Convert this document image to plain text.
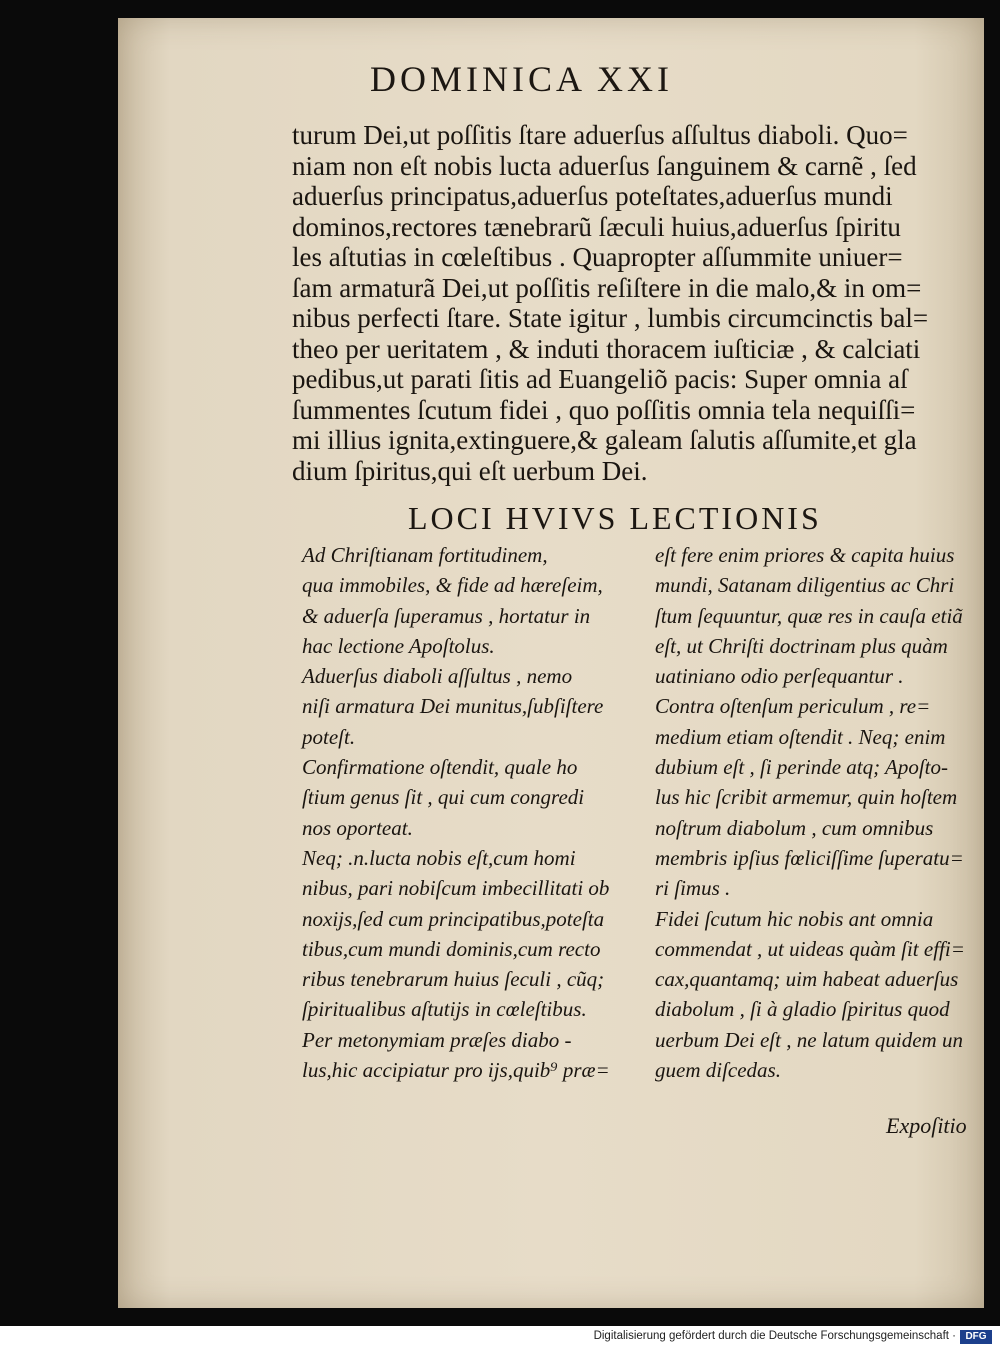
DOMINICA XXI
turum Dei,ut poſſitis ſtare aduerſus aſſultus diaboli. Quo=
niam non eſt nobis lucta aduerſus ſanguinem & carnẽ , ſed
aduerſus principatus,aduerſus poteſtates,aduerſus mundi
dominos,rectores tænebrarũ ſæculi huius,aduerſus ſpiritu
les aſtutias in cœleſtibus . Quapropter aſſummite uniuer=
ſam armaturã Dei,ut poſſitis reſiſtere in die malo,& in om=
nibus perfecti ſtare. State igitur , lumbis circumcinctis bal=
theo per ueritatem , & induti thoracem iuſticiæ , & calciati
pedibus,ut parati ſitis ad Euangeliõ pacis: Super omnia aſ
ſummentes ſcutum fidei , quo poſſitis omnia tela nequiſſi=
mi illius ignita,extinguere,& galeam ſalutis aſſumite,et gla
dium ſpiritus,qui eſt uerbum Dei.
LOCI HVIVS LECTIONIS
Ad Chriſtianam fortitudinem,
qua immobiles, & fide ad hæreſeim,
& aduerſa ſuperamus , hortatur in
hac lectione Apoſtolus.
Aduerſus diaboli aſſultus , nemo
niſi armatura Dei munitus,ſubſiſtere
poteſt.
Confirmatione oſtendit, quale ho
ſtium genus ſit , qui cum congredi
nos oporteat.
Neq; .n.lucta nobis eſt,cum homi
nibus, pari nobiſcum imbecillitati ob
noxijs,ſed cum principatibus,poteſta
tibus,cum mundi dominis,cum recto
ribus tenebrarum huius ſeculi , cũq;
ſpiritualibus aſtutijs in cœleſtibus.
Per metonymiam præſes diabo -
lus,hic accipiatur pro ijs,quib⁹ præ=
eſt fere enim priores & capita huius
mundi, Satanam diligentius ac Chri
ſtum ſequuntur, quæ res in cauſa etiã
eſt, ut Chriſti doctrinam plus quàm
uatiniano odio perſequantur .
Contra oſtenſum periculum , re=
medium etiam oſtendit . Neq; enim
dubium eſt , ſi perinde atq; Apoſto-
lus hic ſcribit armemur, quin hoſtem
noſtrum diabolum , cum omnibus
membris ipſius fœliciſſime ſuperatu=
ri ſimus .
Fidei ſcutum hic nobis ant omnia
commendat , ut uideas quàm ſit effi=
cax,quantamq; uim habeat aduerſus
diabolum , ſi à gladio ſpiritus quod
uerbum Dei eſt , ne latum quidem un
guem diſcedas.
Expoſitio
Digitalisierung gefördert durch die Deutsche Forschungsgemeinschaft · DFG
